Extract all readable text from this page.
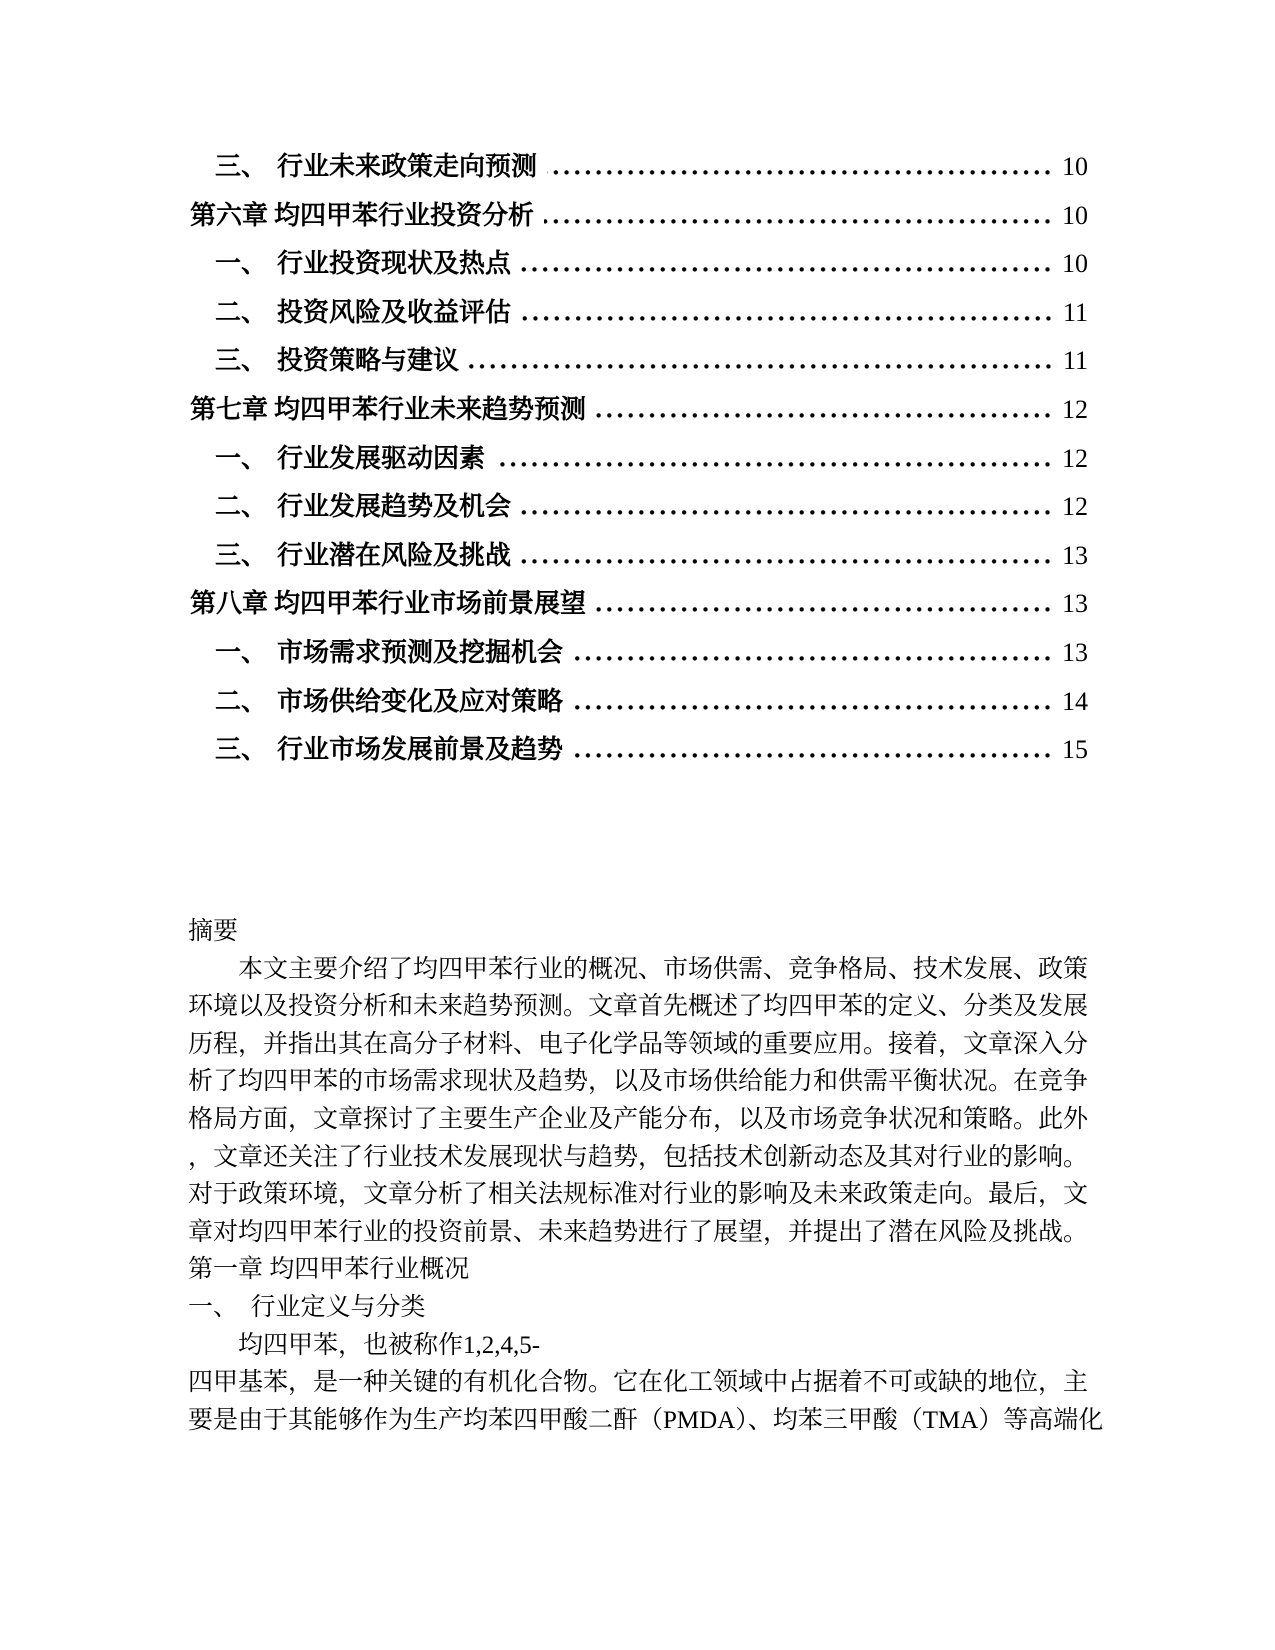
三、 行业未来政策走向预测	10
第六章 均四甲苯行业投资分析	10
一、 行业投资现状及热点	10
二、 投资风险及收益评估	11
三、 投资策略与建议	11
第七章 均四甲苯行业未来趋势预测	12
一、 行业发展驱动因素	12
二、 行业发展趋势及机会	12
三、 行业潜在风险及挑战	13
第八章 均四甲苯行业市场前景展望	13
一、 市场需求预测及挖掘机会	13
二、 市场供给变化及应对策略	14
三、 行业市场发展前景及趋势	15
摘要
本文主要介绍了均四甲苯行业的概况、市场供需、竞争格局、技术发展、政策
环境以及投资分析和未来趋势预测。文章首先概述了均四甲苯的定义、分类及发展
历程，并指出其在高分子材料、电子化学品等领域的重要应用。接着，文章深入分
析了均四甲苯的市场需求现状及趋势，以及市场供给能力和供需平衡状况。在竞争
格局方面，文章探讨了主要生产企业及产能分布，以及市场竞争状况和策略。此外
，文章还关注了行业技术发展现状与趋势，包括技术创新动态及其对行业的影响。
对于政策环境，文章分析了相关法规标准对行业的影响及未来政策走向。最后，文
章对均四甲苯行业的投资前景、未来趋势进行了展望，并提出了潜在风险及挑战。
第一章 均四甲苯行业概况
一、  行业定义与分类
均四甲苯，也被称作1,2,4,5-
四甲基苯，是一种关键的有机化合物。它在化工领域中占据着不可或缺的地位，主
要是由于其能够作为生产均苯四甲酸二酐（PMDA）、均苯三甲酸（TMA）等高端化
